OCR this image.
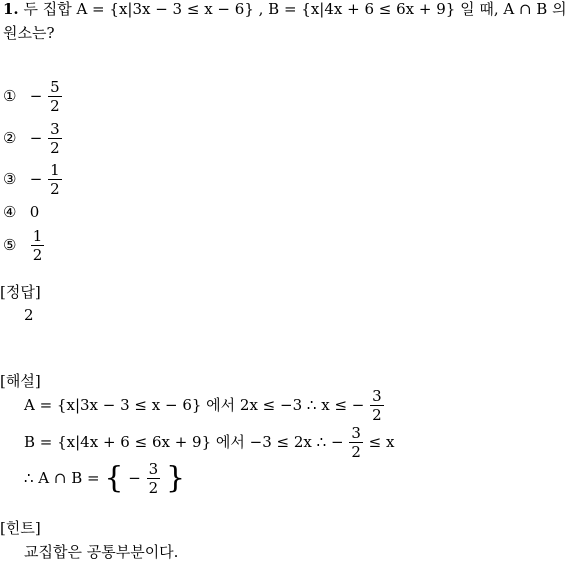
1. 두 집합 A = {x|3x − 3 ≤ x − 6} , B = {x|4x + 6 ≤ 6x + 9} 일 때, A ∩ B 의
원소는?
① − $\frac{5}{2}$
② − $\frac{3}{2}$
③ − $\frac{1}{2}$
④ 0
⑤ $\frac{1}{2}$
[정답]
2
[해설]
A = {x|3x − 3 ≤ x − 6} 에서 2x ≤ −3 ∴ x ≤ − $\frac{3}{2}$
B = {x|4x + 6 ≤ 6x + 9} 에서 −3 ≤ 2x ∴ − $\frac{3}{2} \le x$
∴ A ∩ B = { − $\frac{3}{2}$ }
[힌트]
교집합은 공통부분이다.
